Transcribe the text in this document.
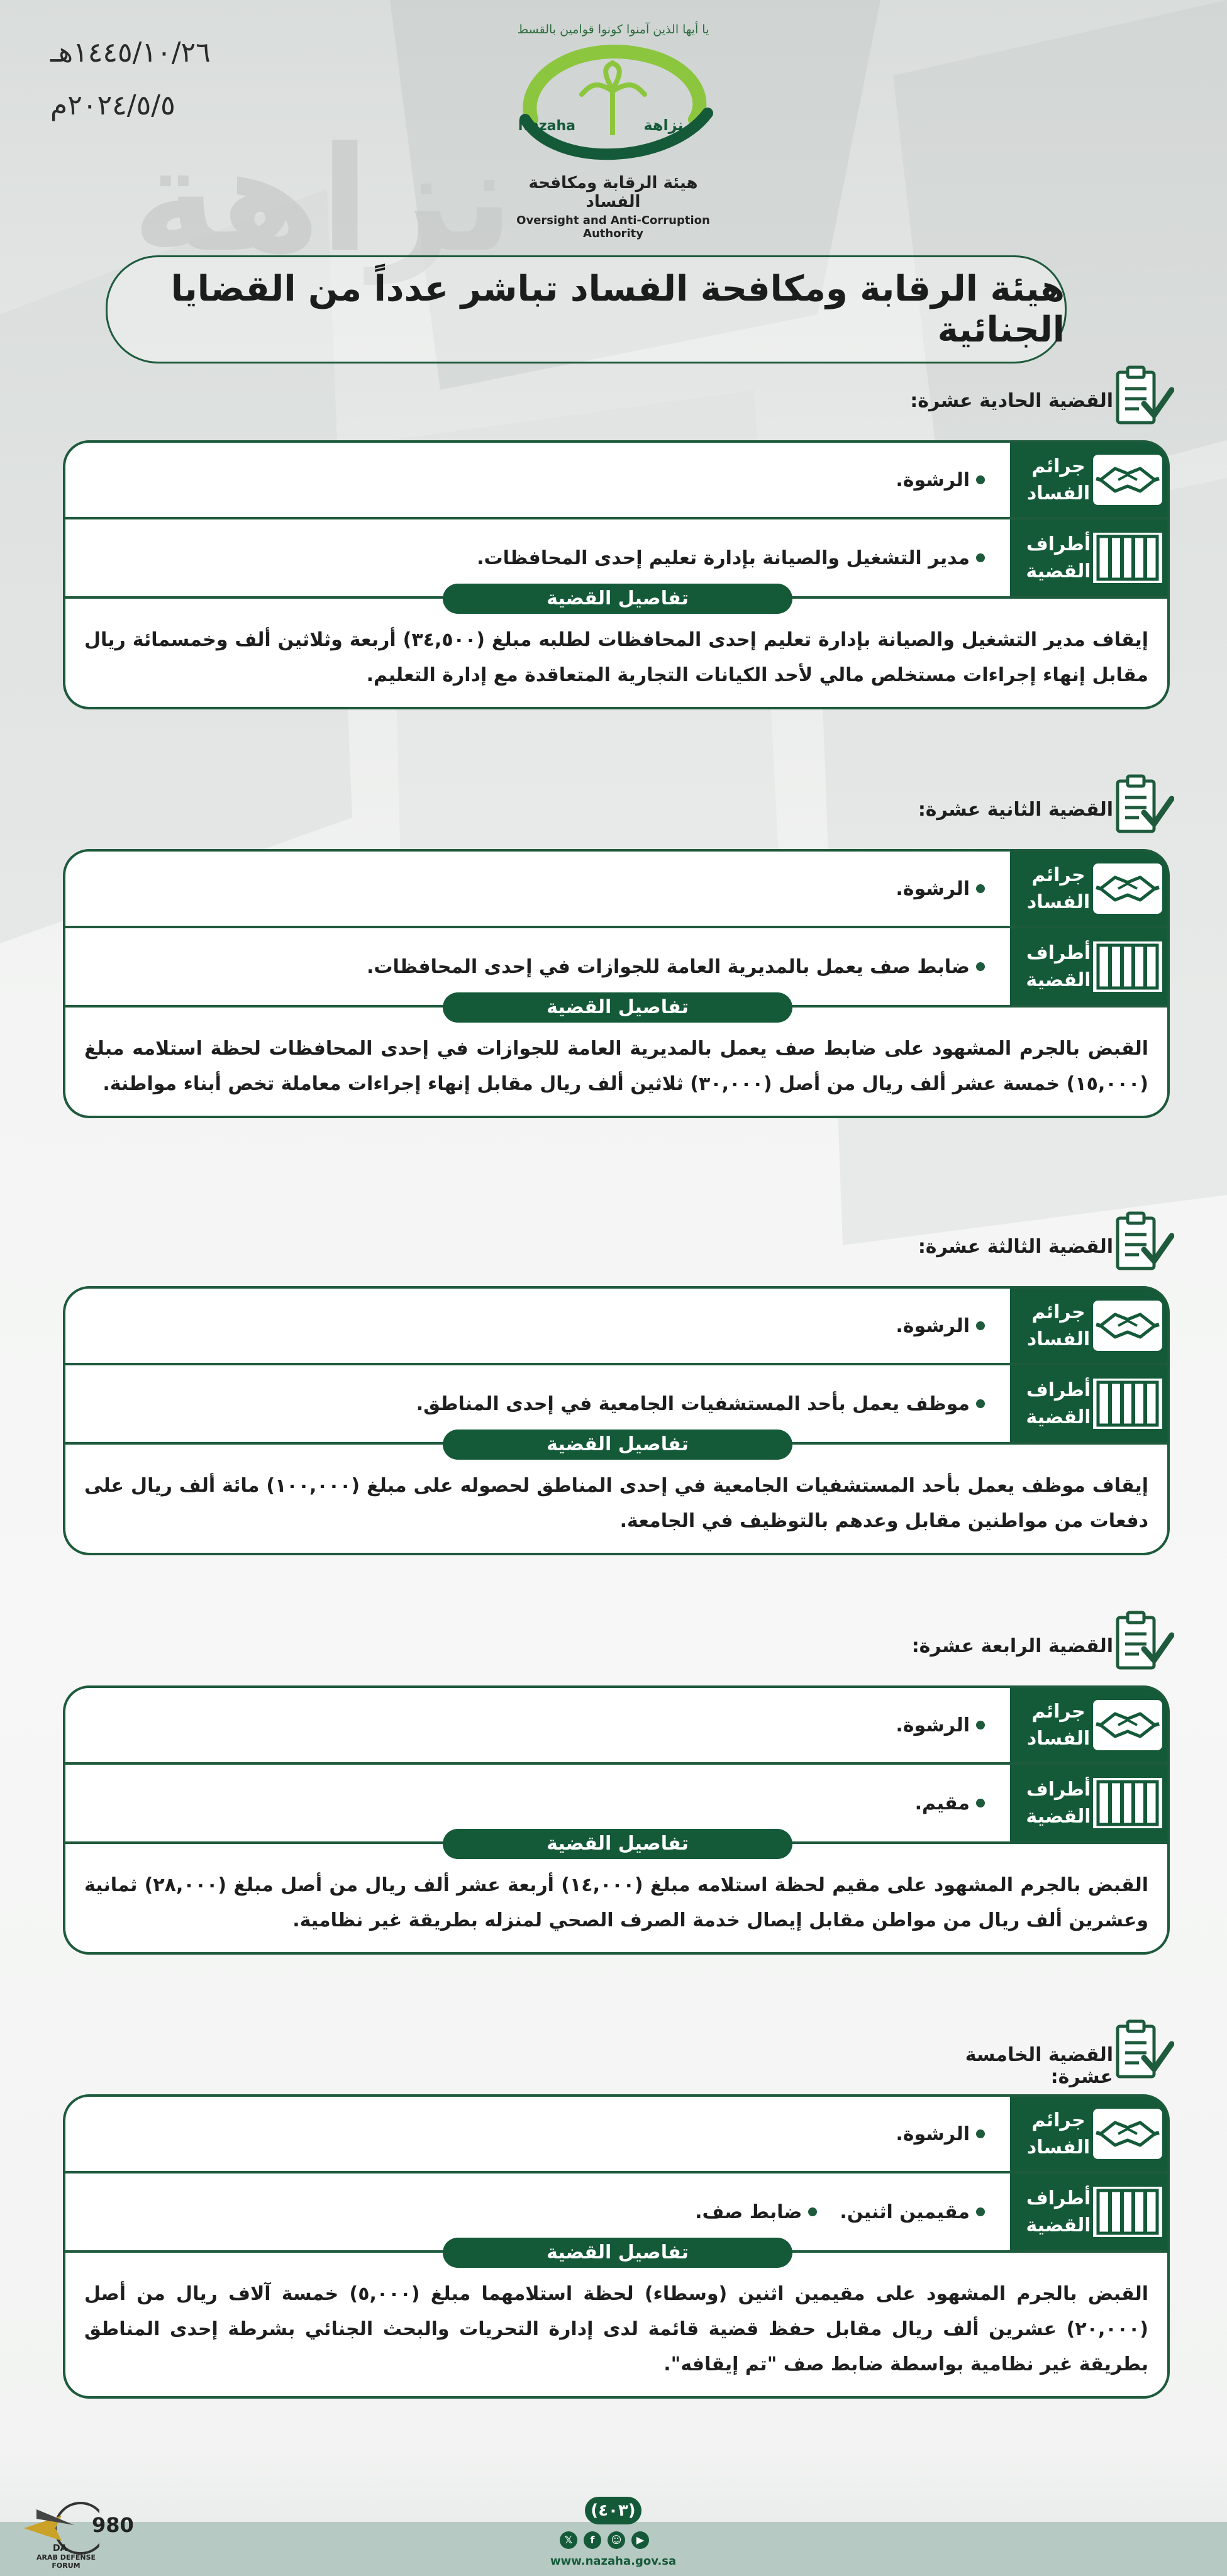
نزاهة
١٤٤٥/١٠/٢٦هـ
٢٠٢٤/٥/٥م
Nazaha	نزاهة
يا أيها الذين آمنوا كونوا قوامين بالقسط
هيئة الرقابة ومكافحة الفساد
Oversight and Anti-Corruption Authority
هيئة الرقابة ومكافحة الفساد تباشر عدداً من القضايا الجنائية
القضية الحادية عشرة:
جرائم
الفساد
الرشوة.
أطراف
القضية
مدير التشغيل والصيانة بإدارة تعليم إحدى المحافظات.
تفاصيل القضية
إيقاف مدير التشغيل والصيانة بإدارة تعليم إحدى المحافظات لطلبه مبلغ (٣٤,٥٠٠) أربعة وثلاثين ألف وخمسمائة ريال مقابل إنهاء إجراءات مستخلص مالي لأحد الكيانات التجارية المتعاقدة مع إدارة التعليم.
القضية الثانية عشرة:
جرائم
الفساد
الرشوة.
أطراف
القضية
ضابط صف يعمل بالمديرية العامة للجوازات في إحدى المحافظات.
تفاصيل القضية
القبض بالجرم المشهود على ضابط صف يعمل بالمديرية العامة للجوازات في إحدى المحافظات لحظة استلامه مبلغ (١٥,٠٠٠) خمسة عشر ألف ريال من أصل (٣٠,٠٠٠) ثلاثين ألف ريال مقابل إنهاء إجراءات معاملة تخص أبناء مواطنة.
القضية الثالثة عشرة:
جرائم
الفساد
الرشوة.
أطراف
القضية
موظف يعمل بأحد المستشفيات الجامعية في إحدى المناطق.
تفاصيل القضية
إيقاف موظف يعمل بأحد المستشفيات الجامعية في إحدى المناطق لحصوله على مبلغ (١٠٠,٠٠٠) مائة ألف ريال على دفعات من مواطنين مقابل وعدهم بالتوظيف في الجامعة.
القضية الرابعة عشرة:
جرائم
الفساد
الرشوة.
أطراف
القضية
مقيم.
تفاصيل القضية
القبض بالجرم المشهود على مقيم لحظة استلامه مبلغ (١٤,٠٠٠) أربعة عشر ألف ريال من أصل مبلغ (٢٨,٠٠٠) ثمانية وعشرين ألف ريال من مواطن مقابل إيصال خدمة الصرف الصحي لمنزله بطريقة غير نظامية.
القضية الخامسة عشرة:
جرائم
الفساد
الرشوة.
أطراف
القضية
مقيمين اثنين.
ضابط صف.
تفاصيل القضية
القبض بالجرم المشهود على مقيمين اثنين (وسطاء) لحظة استلامهما مبلغ (٥,٠٠٠) خمسة آلاف ريال من أصل (٢٠,٠٠٠) عشرين ألف ريال مقابل حفظ قضية قائمة لدى إدارة التحريات والبحث الجنائي بشرطة إحدى المناطق بطريقة غير نظامية بواسطة ضابط صف "تم إيقافه".
(٤٠٣)
𝕏	f	☺	▶
www.nazaha.gov.sa
980
DA
ARAB DEFENSE FORUM
